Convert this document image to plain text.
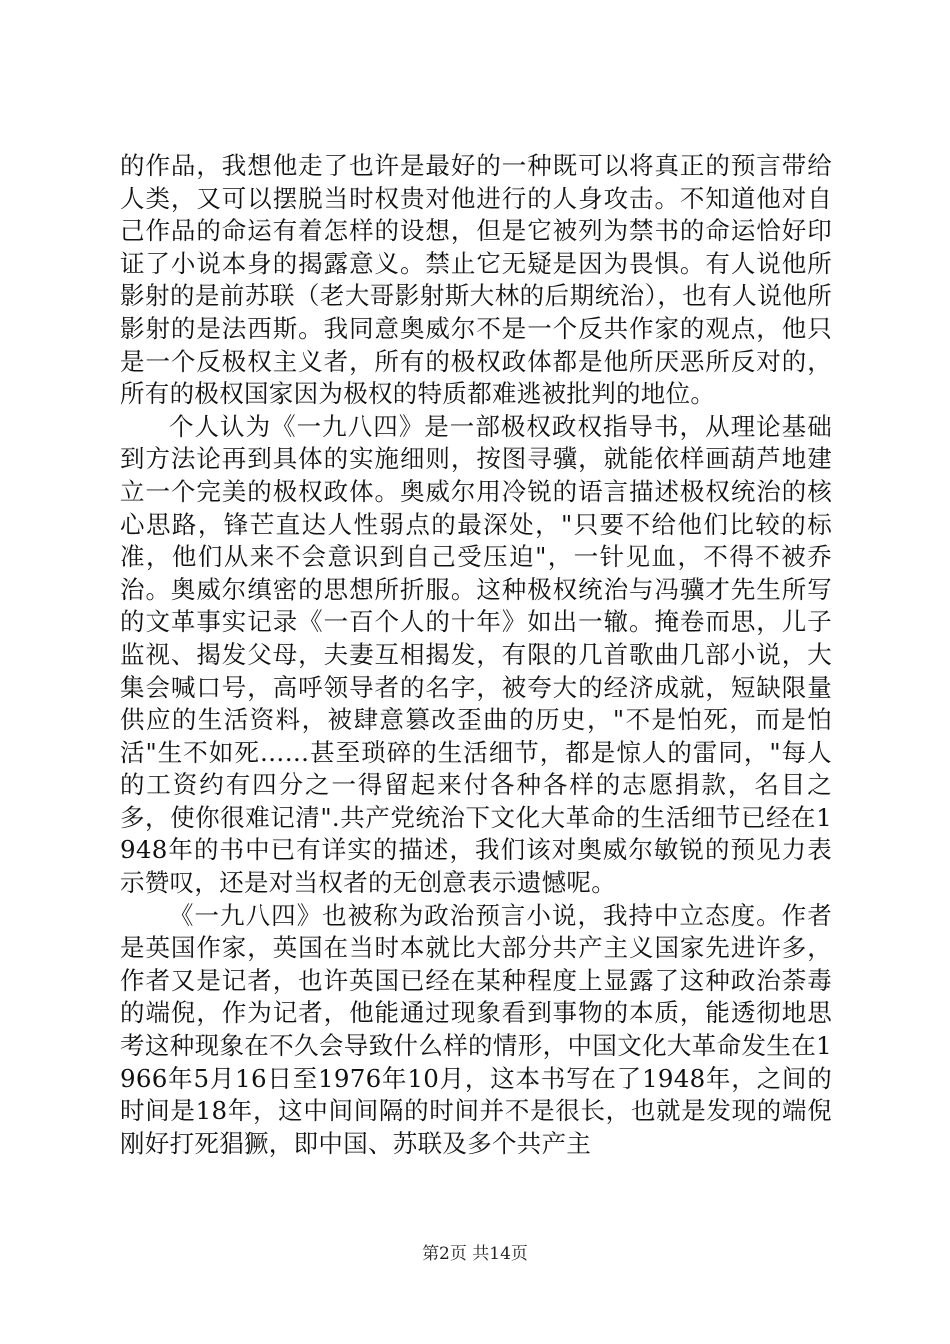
的作品，我想他走了也许是最好的一种既可以将真正的预言带给人类，又可以摆脱当时权贵对他进行的人身攻击。不知道他对自己作品的命运有着怎样的设想，但是它被列为禁书的命运恰好印证了小说本身的揭露意义。禁止它无疑是因为畏惧。有人说他所影射的是前苏联（老大哥影射斯大林的后期统治），也有人说他所影射的是法西斯。我同意奥威尔不是一个反共作家的观点，他只是一个反极权主义者，所有的极权政体都是他所厌恶所反对的，所有的极权国家因为极权的特质都难逃被批判的地位。

个人认为《一九八四》是一部极权政权指导书，从理论基础到方法论再到具体的实施细则，按图寻骥，就能依样画葫芦地建立一个完美的极权政体。奥威尔用冷锐的语言描述极权统治的核心思路，锋芒直达人性弱点的最深处，"只要不给他们比较的标准，他们从来不会意识到自己受压迫"，一针见血，不得不被乔治。奥威尔缜密的思想所折服。这种极权统治与冯骥才先生所写的文革事实记录《一百个人的十年》如出一辙。掩卷而思，儿子监视、揭发父母，夫妻互相揭发，有限的几首歌曲几部小说，大集会喊口号，高呼领导者的名字，被夸大的经济成就，短缺限量供应的生活资料，被肆意篡改歪曲的历史，"不是怕死，而是怕活"生不如死……甚至琐碎的生活细节，都是惊人的雷同，"每人的工资约有四分之一得留起来付各种各样的志愿捐款，名目之多，使你很难记清".共产党统治下文化大革命的生活细节已经在1948年的书中已有详实的描述，我们该对奥威尔敏锐的预见力表示赞叹，还是对当权者的无创意表示遗憾呢。

《一九八四》也被称为政治预言小说，我持中立态度。作者是英国作家，英国在当时本就比大部分共产主义国家先进许多，作者又是记者，也许英国已经在某种程度上显露了这种政治荼毒的端倪，作为记者，他能通过现象看到事物的本质，能透彻地思考这种现象在不久会导致什么样的情形，中国文化大革命发生在1966年5月16日至1976年10月，这本书写在了1948年，之间的时间是18年，这中间间隔的时间并不是很长，也就是发现的端倪刚好打死猖獗，即中国、苏联及多个共产主

第2页 共14页
